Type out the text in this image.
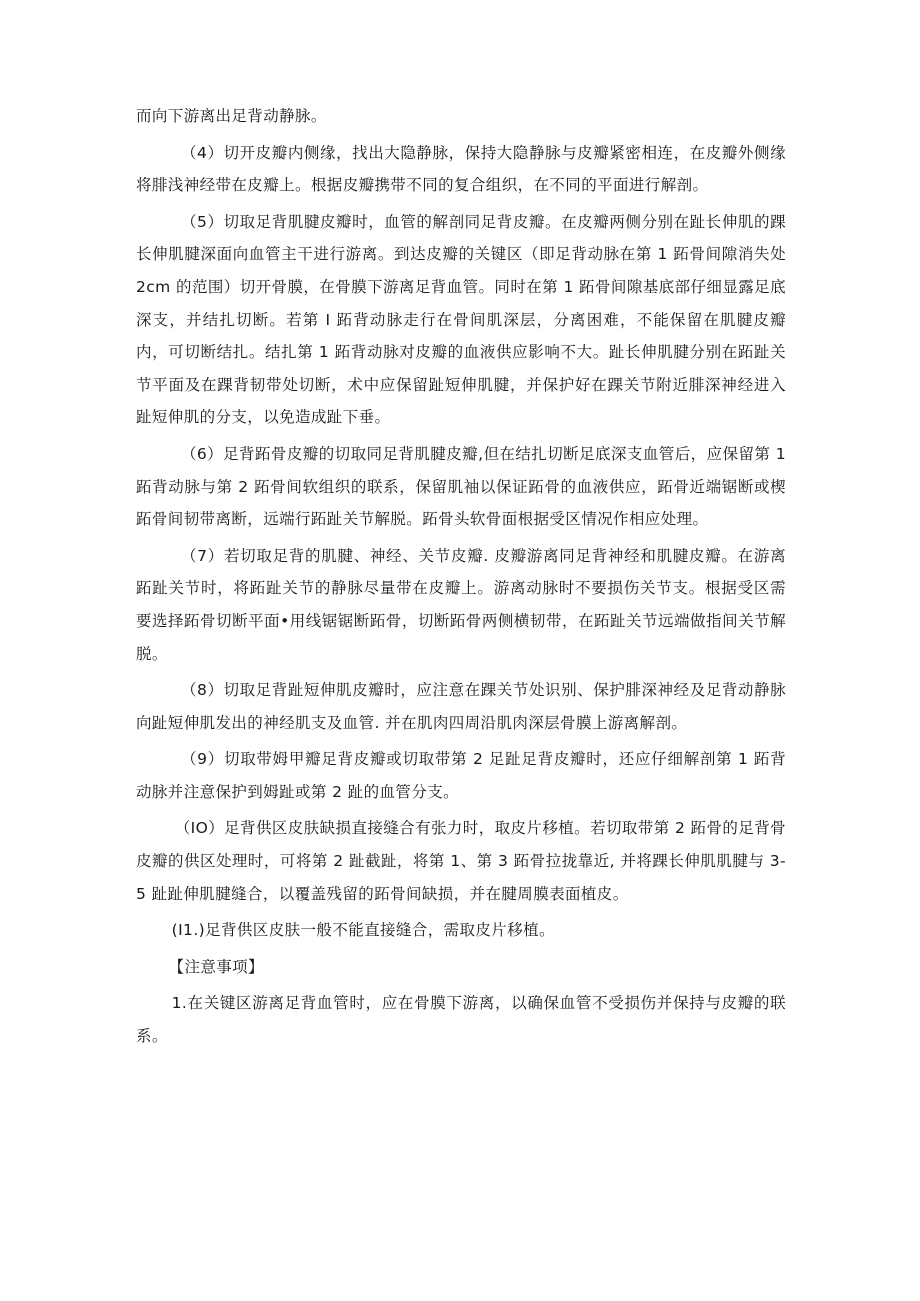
而向下游离出足背动静脉。

（4）切开皮瓣内侧缘，找出大隐静脉，保持大隐静脉与皮瓣紧密相连，在皮瓣外侧缘将腓浅神经带在皮瓣上。根据皮瓣携带不同的复合组织，在不同的平面进行解剖。

（5）切取足背肌腱皮瓣时，血管的解剖同足背皮瓣。在皮瓣两侧分别在趾长伸肌的踝长伸肌腱深面向血管主干进行游离。到达皮瓣的关键区（即足背动脉在第 1 跖骨间隙消失处 2cm 的范围）切开骨膜，在骨膜下游离足背血管。同时在第 1 跖骨间隙基底部仔细显露足底深支，并结扎切断。若第 I 跖背动脉走行在骨间肌深层，分离困难，不能保留在肌腱皮瓣内，可切断结扎。结扎第 1 跖背动脉对皮瓣的血液供应影响不大。趾长伸肌腱分别在跖趾关节平面及在踝背韧带处切断，术中应保留趾短伸肌腱，并保护好在踝关节附近腓深神经进入趾短伸肌的分支，以免造成趾下垂。

（6）足背跖骨皮瓣的切取同足背肌腱皮瓣,但在结扎切断足底深支血管后，应保留第 1 跖背动脉与第 2 跖骨间软组织的联系，保留肌袖以保证跖骨的血液供应，跖骨近端锯断或楔跖骨间韧带离断，远端行跖趾关节解脱。跖骨头软骨面根据受区情况作相应处理。

（7）若切取足背的肌腱、神经、关节皮瓣. 皮瓣游离同足背神经和肌腱皮瓣。在游离跖趾关节时，将跖趾关节的静脉尽量带在皮瓣上。游离动脉时不要损伤关节支。根据受区需要选择跖骨切断平面•用线锯锯断跖骨，切断跖骨两侧横韧带，在跖趾关节远端做指间关节解脱。

（8）切取足背趾短伸肌皮瓣时，应注意在踝关节处识别、保护腓深神经及足背动静脉向趾短伸肌发出的神经肌支及血管. 并在肌肉四周沿肌肉深层骨膜上游离解剖。

（9）切取带姆甲瓣足背皮瓣或切取带第 2 足趾足背皮瓣时，还应仔细解剖第 1 跖背动脉并注意保护到姆趾或第 2 趾的血管分支。

（IO）足背供区皮肤缺损直接缝合有张力时，取皮片移植。若切取带第 2 跖骨的足背骨皮瓣的供区处理时，可将第 2 趾截趾，将第 1、第 3 跖骨拉拢靠近, 并将踝长伸肌肌腱与 3-5 趾趾伸肌腱缝合，以覆盖残留的跖骨间缺损，并在腱周膜表面植皮。

(I1.)足背供区皮肤一般不能直接缝合，需取皮片移植。

【注意事项】

1.在关键区游离足背血管时，应在骨膜下游离，以确保血管不受损伤并保持与皮瓣的联系。
